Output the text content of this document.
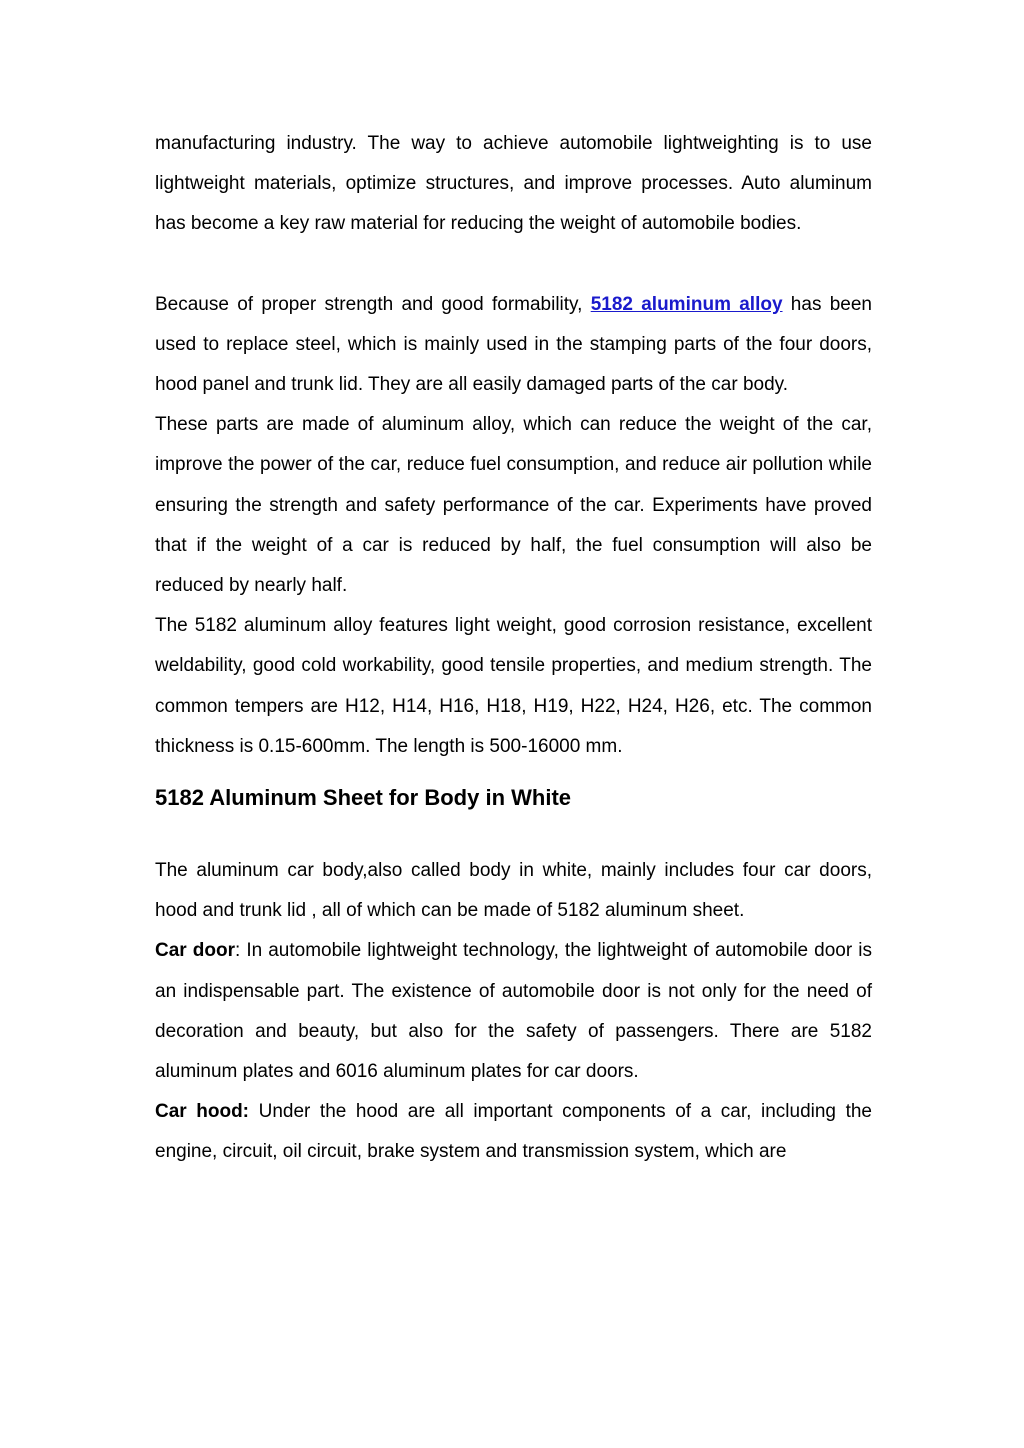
manufacturing industry. The way to achieve automobile lightweighting is to use lightweight materials, optimize structures, and improve processes. Auto aluminum has become a key raw material for reducing the weight of automobile bodies.

Because of proper strength and good formability, 5182 aluminum alloy has been used to replace steel, which is mainly used in the stamping parts of the four doors, hood panel and trunk lid. They are all easily damaged parts of the car body.

These parts are made of aluminum alloy, which can reduce the weight of the car, improve the power of the car, reduce fuel consumption, and reduce air pollution while ensuring the strength and safety performance of the car. Experiments have proved that if the weight of a car is reduced by half, the fuel consumption will also be reduced by nearly half.

The 5182 aluminum alloy features light weight, good corrosion resistance, excellent weldability, good cold workability, good tensile properties, and medium strength. The common tempers are H12, H14, H16, H18, H19, H22, H24, H26, etc. The common thickness is 0.15-600mm. The length is 500-16000 mm.

5182 Aluminum Sheet for Body in White

The aluminum car body,also called body in white, mainly includes four car doors, hood and trunk lid , all of which can be made of 5182 aluminum sheet.

Car door: In automobile lightweight technology, the lightweight of automobile door is an indispensable part. The existence of automobile door is not only for the need of decoration and beauty, but also for the safety of passengers. There are 5182 aluminum plates and 6016 aluminum plates for car doors.

Car hood: Under the hood are all important components of a car, including the engine, circuit, oil circuit, brake system and transmission system, which are
